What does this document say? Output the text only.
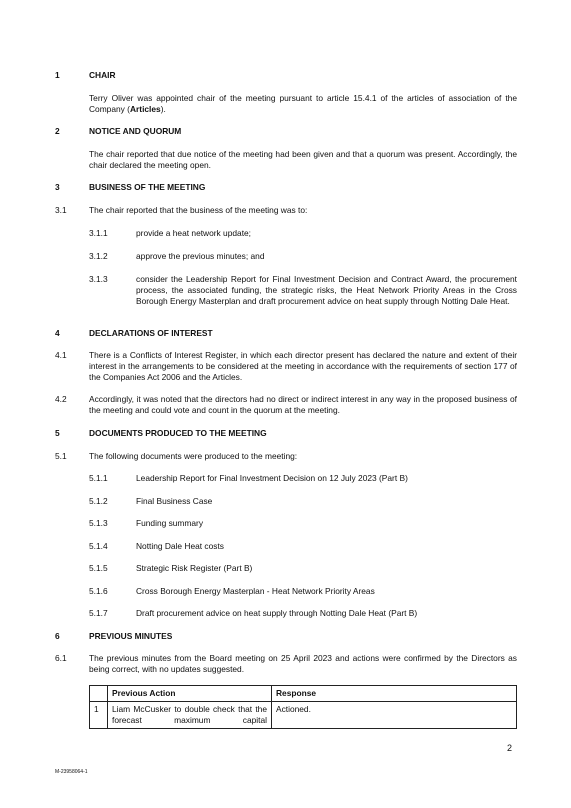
1	CHAIR
Terry Oliver was appointed chair of the meeting pursuant to article 15.4.1 of the articles of association of the Company (Articles).
2	NOTICE AND QUORUM
The chair reported that due notice of the meeting had been given and that a quorum was present. Accordingly, the chair declared the meeting open.
3	BUSINESS OF THE MEETING
3.1	The chair reported that the business of the meeting was to:
3.1.1	provide a heat network update;
3.1.2	approve the previous minutes; and
3.1.3	consider the Leadership Report for Final Investment Decision and Contract Award, the procurement process, the associated funding, the strategic risks, the Heat Network Priority Areas in the Cross Borough Energy Masterplan and draft procurement advice on heat supply through Notting Dale Heat.
4	DECLARATIONS OF INTEREST
4.1	There is a Conflicts of Interest Register, in which each director present has declared the nature and extent of their interest in the arrangements to be considered at the meeting in accordance with the requirements of section 177 of the Companies Act 2006 and the Articles.
4.2	Accordingly, it was noted that the directors had no direct or indirect interest in any way in the proposed business of the meeting and could vote and count in the quorum at the meeting.
5	DOCUMENTS PRODUCED TO THE MEETING
5.1	The following documents were produced to the meeting:
5.1.1	Leadership Report for Final Investment Decision on 12 July 2023 (Part B)
5.1.2	Final Business Case
5.1.3	Funding summary
5.1.4	Notting Dale Heat costs
5.1.5	Strategic Risk Register (Part B)
5.1.6	Cross Borough Energy Masterplan - Heat Network Priority Areas
5.1.7	Draft procurement advice on heat supply through Notting Dale Heat (Part B)
6	PREVIOUS MINUTES
6.1	The previous minutes from the Board meeting on 25 April 2023 and actions were confirmed by the Directors as being correct, with no updates suggested.
	Previous Action	Response
1	Liam McCusker to double check that the forecast maximum capital	Actioned.
2
M-23958064-1
